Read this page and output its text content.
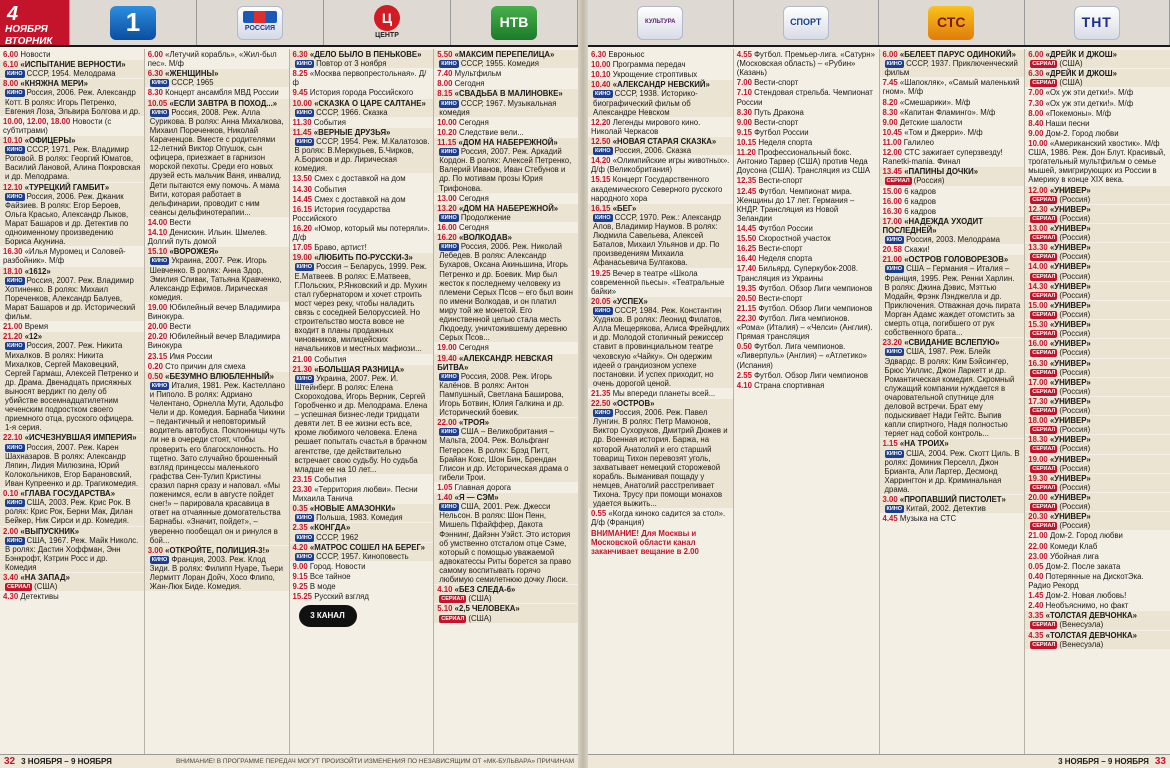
4
НОЯБРЯ
ВТОРНИК
1	РОССИЯ
Ц
ЦЕНТР
НТВ
6.00 Новости
6.10 «ИСПЫТАНИЕ ВЕРНОСТИ»
КИНО СССР, 1954. Мелодрама
8.00 «КНЯЖНА МЕРИ»
КИНО Россия, 2006. Реж. Александр Котт. В ролях: Игорь Петренко, Евгения Лоза, Эльвира Болгова и др.
10.00, 12.00, 18.00 Новости (с субтитрами)
10.10 «ОФИЦЕРЫ»
КИНО СССР, 1971. Реж. Владимир Роговой. В ролях: Георгий Юматов, Василий Лановой, Алина Покровская и др. Мелодрама.
12.10 «ТУРЕЦКИЙ ГАМБИТ»
КИНО Россия, 2006. Реж. Джаник Файзиев. В ролях: Егор Бероев, Ольга Красько, Александр Лыков, Марат Башаров и др. Детектив по одноименному произведению Бориса Акунина.
16.30 «Илья Муромец и Соловей-разбойник». М/ф
18.10 «1612»
КИНО Россия, 2007. Реж. Владимир Хотиненко. В ролях: Михаил Пореченков, Александр Балуев, Марат Башаров и др. Исторический фильм.
21.00 Время
21.20 «12»
КИНО Россия, 2007. Реж. Никита Михалков. В ролях: Никита Михалков, Сергей Маковецкий, Сергей Гармаш, Алексей Петренко и др. Драма. Двенадцать присяжных выносят вердикт по делу об убийстве восемнадцатилетним чеченским подростком своего приемного отца, русского офицера. 1-я серия.
22.10 «ИСЧЕЗНУВШАЯ ИМПЕРИЯ»
КИНО Россия, 2007. Реж. Карен Шахназаров. В ролях: Александр Ляпин, Лидия Милюзина, Юрий Колокольников, Егор Барановский, Иван Купреенко и др. Трагикомедия.
0.10 «ГЛАВА ГОСУДАРСТВА»
КИНО США, 2003. Реж. Крис Рок. В ролях: Крис Рок, Берни Мак, Дилан Бейкер, Ник Сирси и др. Комедия.
2.00 «ВЫПУСКНИК»
КИНО США, 1967. Реж. Майк Николс. В ролях: Дастин Хоффман, Энн Бэнкрофт, Кэтрин Росс и др. Комедия
3.40 «НА ЗАПАД»
СЕРИАЛ (США)
4.30 Детективы
6.00 «Летучий корабль», «Жил-был пес». М/ф
6.30 «ЖЕНЩИНЫ»
КИНО СССР, 1965
8.30 Концерт ансамбля МВД России
10.05 «ЕСЛИ ЗАВТРА В ПОХОД...»
КИНО Россия, 2008. Реж. Алла Сурикова. В ролях: Анна Михалкова, Михаил Пореченков, Николай Караченцов. Вместе с родителями 12-летний Виктор Опушок, сын офицера, приезжает в гарнизон морской пехоты. Среди его новых друзей есть мальчик Ваня, инвалид. Дети пытаются ему помочь. А мама Вити, которая работает в дельфинарии, проводит с ним сеансы дельфинотерапии...
14.00 Вести
14.10 Денискин. Ильин. Шмелев. Долгий путь домой
15.10 «ВОРОЖЕЯ»
КИНО Украина, 2007. Реж. Игорь Шевченко. В ролях: Анна Здор, Эмилия Спивак, Татьяна Кравченко, Александр Ефимов. Лирическая комедия.
19.00 Юбилейный вечер Владимира Винокура.
20.00 Вести
20.20 Юбилейный вечер Владимира Винокура
23.15 Имя России
0.20 Сто причин для смеха
0.50 «БЕЗУМНО ВЛЮБЛЕННЫЙ»
КИНО Италия, 1981. Реж. Кастеллано и Пиполо. В ролях: Адриано Челентано, Орнелла Мути, Адольфо Чели и др. Комедия. Барнаба Чикини – педантичный и неповторимый водитель автобуса. Поклонницы чуть ли не в очереди стоят, чтобы проверить его благосклонность. Но тщетно. Зато случайно брошенный взгляд принцессы маленького графства Сен-Тулип Кристины сразил парня сразу и наповал. «Мы поженимся, если в августе пойдет снег!» – парировала красавица в ответ на отчаянные домогательства Барнабы. «Значит, пойдет», – уверенно пообещал он и ринулся в бой...
3.00 «ОТКРОЙТЕ, ПОЛИЦИЯ-3!»
КИНО Франция, 2003. Реж. Клод Зиди. В ролях: Филипп Нуаре, Тьери Лермитт Лоран Дойч, Хосо Флипо, Жан-Люк Биде. Комедия.
6.30 «ДЕЛО БЫЛО В ПЕНЬКОВЕ»
КИНО Повтор от 3 ноября
8.25 «Москва первопрестольная». Д/ф
9.45 История города Российского
10.00 «СКАЗКА О ЦАРЕ САЛТАНЕ»
КИНО СССР, 1966. Сказка
11.30 События
11.45 «ВЕРНЫЕ ДРУЗЬЯ»
КИНО СССР, 1954. Реж. М.Калатозов. В ролях: В.Меркурьев, Б.Чирков, А.Борисов и др. Лирическая комедия.
13.50 Смех с доставкой на дом
14.30 События
14.45 Смех с доставкой на дом
16.15 История государства Российского
16.20 «Юмор, который мы потеряли». Д/ф
17.05 Браво, артист!
19.00 «ЛЮБИТЬ ПО-РУССКИ-3»
КИНО Россия – Беларусь, 1999. Реж. Е.Матвеев. В ролях: Е.Матвеев, Г.Польских, Р.Янковский и др. Мухин стал губернатором и хочет строить мост через реку, чтобы наладить связь с соседней Белоруссией. Но строительство моста вовсе не входит в планы продажных чиновников, милицейских начальников и местных мафиози...
21.00 События
21.30 «БОЛЬШАЯ РАЗНИЦА»
КИНО Украина, 2007. Реж. И. Штейнберг. В ролях: Елена Скороходова, Игорь Верник, Сергей Горобченко и др. Мелодрама. Елена – успешная бизнес-леди тридцати девяти лет. В ее жизни есть все, кроме любимого человека. Елена решает попытать счастья в брачном агентстве, где действительно встречает свою судьбу. Но судьба младше ее на 10 лет...
23.15 События
23.30 «Территория любви». Песни Михаила Танича
0.35 «НОВЫЕ АМАЗОНКИ»
КИНО Польша, 1983. Комедия
2.35 «КОНГДА»
КИНО СССР, 1962
4.20 «МАТРОС СОШЕЛ НА БЕРЕГ»
КИНО СССР, 1957. Киноповесть
9.00 Город. Новости
9.15 Все тайное
9.25 В моде
15.25 Русский взгляд
3 КАНАЛ
5.50 «МАКСИМ ПЕРЕПЕЛИЦА»
КИНО СССР, 1955. Комедия
7.40 Мультфильм
8.00 Сегодня
8.15 «СВАДЬБА В МАЛИНОВКЕ»
КИНО СССР, 1967. Музыкальная комедия
10.00 Сегодня
10.20 Следствие вели...
11.15 «ДОМ НА НАБЕРЕЖНОЙ»
КИНО Россия, 2007. Реж. Аркадий Кордон. В ролях: Алексей Петренко, Валерий Иванов, Иван Стебунов и др. По мотивам прозы Юрия Трифонова.
13.00 Сегодня
13.20 «ДОМ НА НАБЕРЕЖНОЙ»
КИНО Продолжение
16.00 Сегодня
16.20 «ВОЛКОДАВ»
КИНО Россия, 2006. Реж. Николай Лебедев. В ролях: Александр Бухаров, Оксана Акиньшина, Игорь Петренко и др. Боевик. Мир был жесток к последнему человеку из племени Серых Псов – его был воин по имени Волкодав, и он платил миру той же монетой. Его единственной целью стала месть Людоеду, уничтожившему деревню Серых Псов...
19.00 Сегодня
19.40 «АЛЕКСАНДР. НЕВСКАЯ БИТВА»
КИНО Россия, 2008. Реж. Игорь Калёнов. В ролях: Антон Пампушный, Светлана Баширова, Игорь Ботвин, Юлия Галкина и др. Исторический боевик.
22.00 «ТРОЯ»
КИНО США – Великобритания – Мальта, 2004. Реж. Вольфганг Петерсен. В ролях: Брэд Питт, Брайан Кокс, Шон Бин, Брендан Глисон и др. Историческая драма о гибели Трои.
1.05 Главная дорога
1.40 «Я — СЭМ»
КИНО США, 2001. Реж. Джесси Нельсон. В ролях: Шон Пенн, Мишель Пфайффер, Дакота Фэннинг, Дайэнн Уэйст. Это история об умственно отсталом отце Сэме, который с помощью уважаемой адвокатессы Риты борется за право самому воспитывать горячо любимую семилетнюю дочку Люси.
4.10 «БЕЗ СЛЕДА-6»
СЕРИАЛ (США)
5.10 «2,5 ЧЕЛОВЕКА»
СЕРИАЛ (США)
32 3 НОЯБРЯ – 9 НОЯБРЯ	ВНИМАНИЕ! В ПРОГРАММЕ ПЕРЕДАЧ МОГУТ ПРОИЗОЙТИ ИЗМЕНЕНИЯ ПО НЕЗАВИСЯЩИМ ОТ «МК-БУЛЬВАРА» ПРИЧИНАМ
КУЛЬТУРА	СПОРТ	СТС	ТНТ
6.30 Евроньюс
10.00 Программа передач
10.10 Укрощение строптивых
10.40 «АЛЕКСАНДР НЕВСКИЙ»
КИНО СССР, 1938. Историко-биографический фильм об Александре Невском
12.20 Легенды мирового кино. Николай Черкасов
12.50 «НОВАЯ СТАРАЯ СКАЗКА»
КИНО Россия, 2006. Сказка
14.20 «Олимпийские игры животных». Д/ф (Великобритания)
15.15 Концерт Государственного академического Северного русского народного хора
16.15 «БЕГ»
КИНО СССР, 1970. Реж.: Александр Алов, Владимир Наумов. В ролях: Людмила Савельева, Алексей Баталов, Михаил Ульянов и др. По произведениям Михаила Афанасьевича Булгакова.
19.25 Вечер в театре «Школа современной пьесы». «Театральные байки»
20.05 «УСПЕХ»
КИНО СССР, 1984. Реж. Константин Худяков. В ролях: Леонид Филатов, Алла Мещерякова, Алиса Фрейндлих и др. Молодой столичный режиссер ставит в провинциальном театре чеховскую «Чайку». Он одержим идеей о грандиозном успехе постановки. И успех приходит, но очень дорогой ценой.
21.35 Мы впереди планеты всей...
22.50 «ОСТРОВ»
КИНО Россия, 2006. Реж. Павел Лунгин. В ролях: Петр Мамонов, Виктор Сухоруков, Дмитрий Дюжев и др. Военная история. Баржа, на которой Анатолий и его старший товарищ Тихон перевозят уголь, захватывает немецкий сторожевой корабль. Выманивая пощаду у немцев, Анатолий расстреливает Тихона. Трусу при помощи монахов удается выжить...
0.55 «Когда киноко садится за стол». Д/ф (Франция)
ВНИМАНИЕ! Для Москвы и Московской области канал заканчивает вещание в 2.00
4.55 Футбол. Премьер-лига. «Сатурн» (Московская область) – «Рубин» (Казань)
7.00 Вести-спорт
7.10 Стендовая стрельба. Чемпионат России
8.30 Путь Дракона
9.00 Вести-спорт
9.15 Футбол России
10.15 Неделя спорта
11.20 Профессиональный бокс. Антонио Тарвер (США) против Чеда Доусона (США). Трансляция из США
12.35 Вести-спорт
12.45 Футбол. Чемпионат мира. Женщины до 17 лет. Германия – КНДР. Трансляция из Новой Зеландии
14.45 Футбол России
15.50 Скоростной участок
16.25 Вести-спорт
16.40 Неделя спорта
17.40 Бильярд. Суперкубок-2008. Трансляция из Украины
19.35 Футбол. Обзор Лиги чемпионов
20.50 Вести-спорт
21.15 Футбол. Обзор Лиги чемпионов
22.30 Футбол. Лига чемпионов. «Рома» (Италия) – «Челси» (Англия). Прямая трансляция
0.50 Футбол. Лига чемпионов. «Ливерпуль» (Англия) – «Атлетико» (Испания)
2.55 Футбол. Обзор Лиги чемпионов
4.10 Страна спортивная
6.00 «БЕЛЕЕТ ПАРУС ОДИНОКИЙ»
КИНО СССР, 1937. Приключенческий фильм
7.45 «Шапокляк», «Самый маленький гном». М/ф
8.20 «Смешарики». М/ф
8.30 «Капитан Фламинго». М/ф
9.00 Детские шалости
10.45 «Том и Джерри». М/ф
11.00 Галилео
12.00 СТС зажигает суперзвезду! Ranetki-mania. Финал
13.45 «ПАПИНЫ ДОЧКИ»
СЕРИАЛ (Россия)
15.00 6 кадров
16.00 6 кадров
16.30 6 кадров
17.00 «НАДЕЖДА УХОДИТ ПОСЛЕДНЕЙ»
КИНО Россия, 2003. Мелодрама
20.58 Скажи!
21.00 «ОСТРОВ ГОЛОВОРЕЗОВ»
КИНО США – Германия – Италия – Франция, 1995. Реж. Ренни Харлин. В ролях: Джина Дэвис, Мэттью Модайн, Фрэнк Лэнджелла и др. Приключения. Отважная дочь пирата Морган Адамс жаждет отомстить за смерть отца, погибшего от рук собственного брата...
23.20 «СВИДАНИЕ ВСЛЕПУЮ»
КИНО США, 1987. Реж. Блейк Эдвардс. В ролях: Ким Бэйсингер, Брюс Уиллис, Джон Ларкетт и др. Романтическая комедия. Скромный служащий компании нуждается в очаровательной спутнице для деловой встречи. Брат ему подыскивает Нади Гейтс. Выпив капли спиртного, Надя полностью теряет над собой контроль...
1.15 «НА ТРОИХ»
КИНО США, 2004. Реж. Скотт Циль. В ролях: Доминик Перселл, Джон Брианта, Али Лартер, Десмонд Харрингтон и др. Криминальная драма.
3.00 «ПРОПАВШИЙ ПИСТОЛЕТ»
КИНО Китай, 2002. Детектив
4.45 Музыка на СТС
6.00 «ДРЕЙК И ДЖОШ»
СЕРИАЛ (США)
6.30 «ДРЕЙК И ДЖОШ»
СЕРИАЛ (США)
7.00 «Ох уж эти детки!». М/ф
7.30 «Ох уж эти детки!». М/ф
8.00 «Покемоны». М/ф
8.40 Наши песни
9.00 Дом-2. Город любви
10.00 «Американский хвостик». М/ф США, 1986. Реж. Дон Блут. Красивый, трогательный мультфильм о семье мышей, эмигрирующих из России в Америку в конце XIX века.
12.00 «УНИВЕР»
СЕРИАЛ (Россия)
12.30 «УНИВЕР»
СЕРИАЛ (Россия)
13.00 «УНИВЕР»
СЕРИАЛ (Россия)
13.30 «УНИВЕР»
СЕРИАЛ (Россия)
14.00 «УНИВЕР»
СЕРИАЛ (Россия)
14.30 «УНИВЕР»
СЕРИАЛ (Россия)
15.00 «УНИВЕР»
СЕРИАЛ (Россия)
15.30 «УНИВЕР»
СЕРИАЛ (Россия)
16.00 «УНИВЕР»
СЕРИАЛ (Россия)
16.30 «УНИВЕР»
СЕРИАЛ (Россия)
17.00 «УНИВЕР»
СЕРИАЛ (Россия)
17.30 «УНИВЕР»
СЕРИАЛ (Россия)
18.00 «УНИВЕР»
СЕРИАЛ (Россия)
18.30 «УНИВЕР»
СЕРИАЛ (Россия)
19.00 «УНИВЕР»
СЕРИАЛ (Россия)
19.30 «УНИВЕР»
СЕРИАЛ (Россия)
20.00 «УНИВЕР»
СЕРИАЛ (Россия)
20.30 «УНИВЕР»
СЕРИАЛ (Россия)
21.00 Дом-2. Город любви
22.00 Комеди Клаб
23.00 Убойная лига
0.05 Дом-2. После заката
0.40 Потерянные на ДискотЭка. Радио Рекорд
1.45 Дом-2. Новая любовь!
2.40 Необъяснимо, но факт
3.35 «ТОЛСТАЯ ДЕВЧОНКА»
СЕРИАЛ (Венесуэла)
4.35 «ТОЛСТАЯ ДЕВЧОНКА»
СЕРИАЛ (Венесуэла)
3 НОЯБРЯ – 9 НОЯБРЯ 33
